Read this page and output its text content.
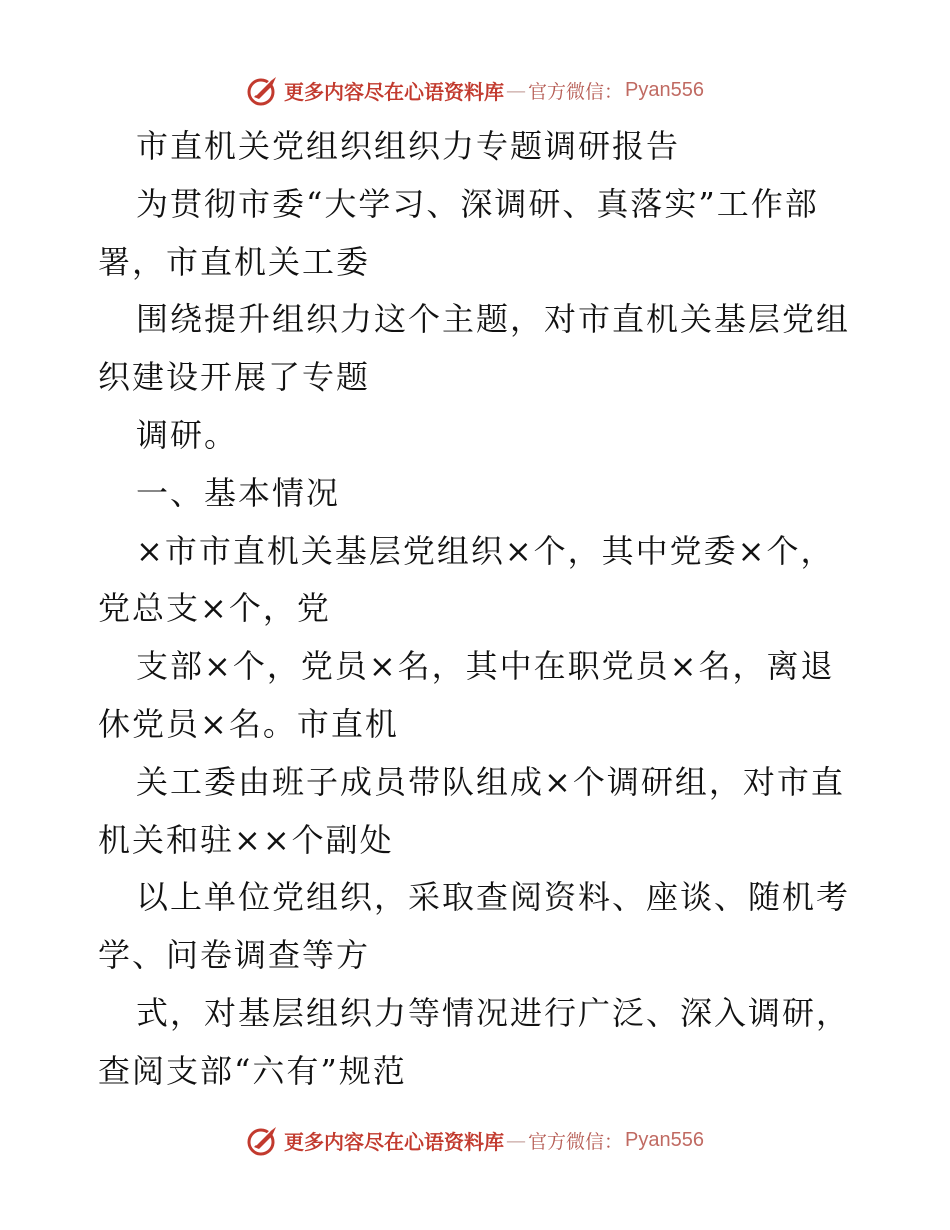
更多内容尽在心语资料库 — 官方微信： Pyan556
市直机关党组织组织力专题调研报告
为贯彻市委“大学习、深调研、真落实”工作部
署，市直机关工委
围绕提升组织力这个主题，对市直机关基层党组
织建设开展了专题
调研。
一、基本情况
×市市直机关基层党组织×个，其中党委×个，
党总支×个，党
支部×个，党员×名，其中在职党员×名，离退
休党员×名。市直机
关工委由班子成员带队组成×个调研组，对市直
机关和驻××个副处
以上单位党组织，采取查阅资料、座谈、随机考
学、问卷调查等方
式，对基层组织力等情况进行广泛、深入调研，
查阅支部“六有”规范
更多内容尽在心语资料库 — 官方微信： Pyan556
